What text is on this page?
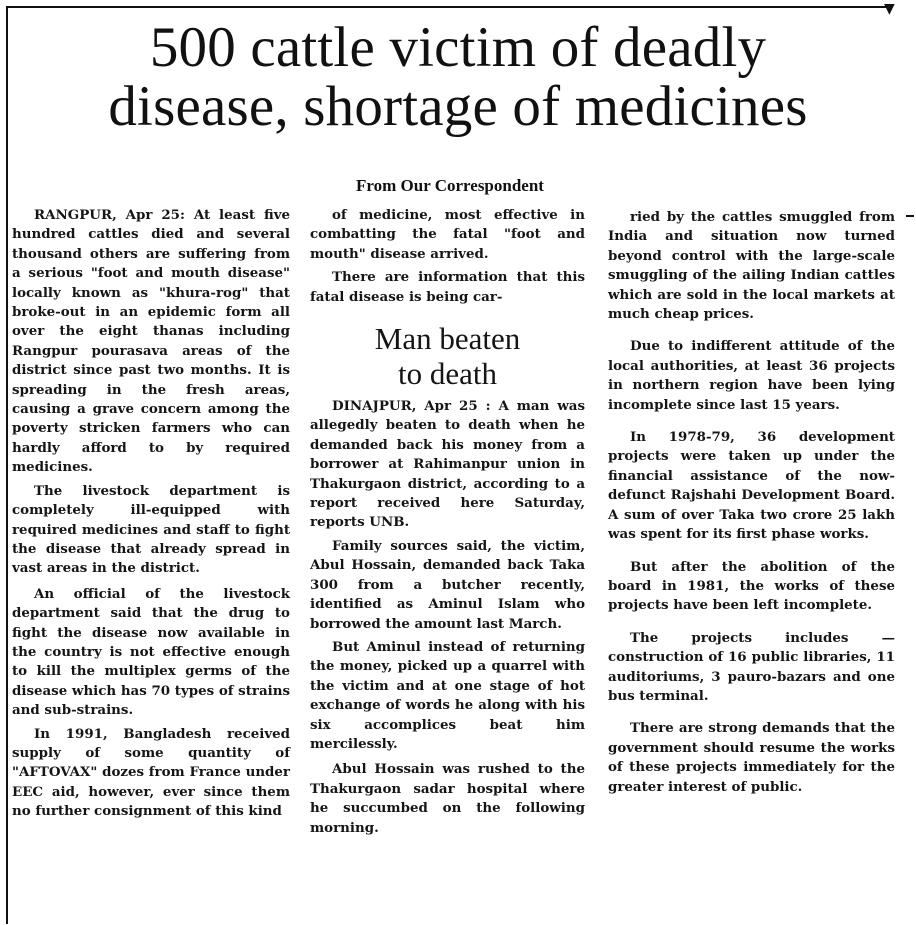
▼
500 cattle victim of deadly
disease, shortage of medicines
From Our Correspondent

RANGPUR, Apr 25: At least five hundred cattles died and several thousand others are suffering from a serious "foot and mouth disease" locally known as "khura-rog" that broke-out in an epidemic form all over the eight thanas including Rangpur pourasava areas of the district since past two months. It is spreading in the fresh areas, causing a grave concern among the poverty stricken farmers who can hardly afford to by required medicines.

The livestock department is completely ill-equipped with required medicines and staff to fight the disease that already spread in vast areas in the district.

An official of the livestock department said that the drug to fight the disease now available in the country is not effective enough to kill the multiplex germs of the disease which has 70 types of strains and sub-strains.

In 1991, Bangladesh received supply of some quantity of "AFTOVAX" dozes from France under EEC aid, however, ever since them no further consignment of this kind

of medicine, most effective in combatting the fatal "foot and mouth" disease arrived.

There are information that this fatal disease is being car-

Man beaten
to death

DINAJPUR, Apr 25 : A man was allegedly beaten to death when he demanded back his money from a borrower at Rahimanpur union in Thakurgaon district, according to a report received here Saturday, reports UNB.

Family sources said, the victim, Abul Hossain, demanded back Taka 300 from a butcher recently, identified as Aminul Islam who borrowed the amount last March.

But Aminul instead of returning the money, picked up a quarrel with the victim and at one stage of hot exchange of words he along with his six accomplices beat him mercilessly.

Abul Hossain was rushed to the Thakurgaon sadar hospital where he succumbed on the following morning.

ried by the cattles smuggled from India and situation now turned beyond control with the large-scale smuggling of the ailing Indian cattles which are sold in the local markets at much cheap prices.

Due to indifferent attitude of the local authorities, at least 36 projects in northern region have been lying incomplete since last 15 years.

In 1978-79, 36 development projects were taken up under the financial assistance of the now-defunct Rajshahi Development Board. A sum of over Taka two crore 25 lakh was spent for its first phase works.

But after the abolition of the board in 1981, the works of these projects have been left incomplete.

The projects includes — construction of 16 public libraries, 11 auditoriums, 3 pauro-bazars and one bus terminal.

There are strong demands that the government should resume the works of these projects immediately for the greater interest of public.
